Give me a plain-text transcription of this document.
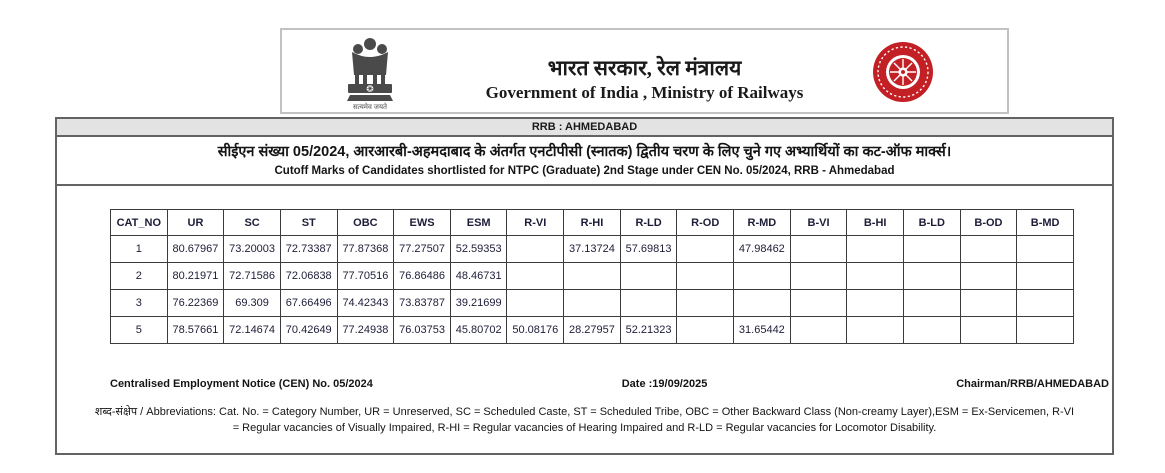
सत्यमेव जयते
भारत सरकार, रेल मंत्रालय
Government of India , Ministry of Railways
RRB : AHMEDABAD
सीईएन संख्या 05/2024, आरआरबी-अहमदाबाद के अंतर्गत एनटीपीसी (स्नातक) द्वितीय चरण के लिए चुने गए अभ्यार्थियों का कट-ऑफ मार्क्स।
Cutoff Marks of Candidates shortlisted for NTPC (Graduate) 2nd Stage under CEN No. 05/2024, RRB - Ahmedabad
CAT_NO	UR	SC	ST	OBC	EWS	ESM	R-VI	R-HI	R-LD	R-OD	R-MD	B-VI	B-HI	B-LD	B-OD	B-MD
1	80.67967	73.20003	72.73387	77.87368	77.27507	52.59353		37.13724	57.69813		47.98462					
2	80.21971	72.71586	72.06838	77.70516	76.86486	48.46731										
3	76.22369	69.309	67.66496	74.42343	73.83787	39.21699										
5	78.57661	72.14674	70.42649	77.24938	76.03753	45.80702	50.08176	28.27957	52.21323		31.65442					
Centralised Employment Notice (CEN) No. 05/2024	Date :19/09/2025	Chairman/RRB/AHMEDABAD
शब्द-संक्षेप / Abbreviations: Cat. No. = Category Number, UR = Unreserved, SC = Scheduled Caste, ST = Scheduled Tribe, OBC = Other Backward Class (Non-creamy Layer),ESM = Ex-Servicemen, R-VI
= Regular vacancies of Visually Impaired, R-HI = Regular vacancies of Hearing Impaired and R-LD = Regular vacancies for Locomotor Disability.
